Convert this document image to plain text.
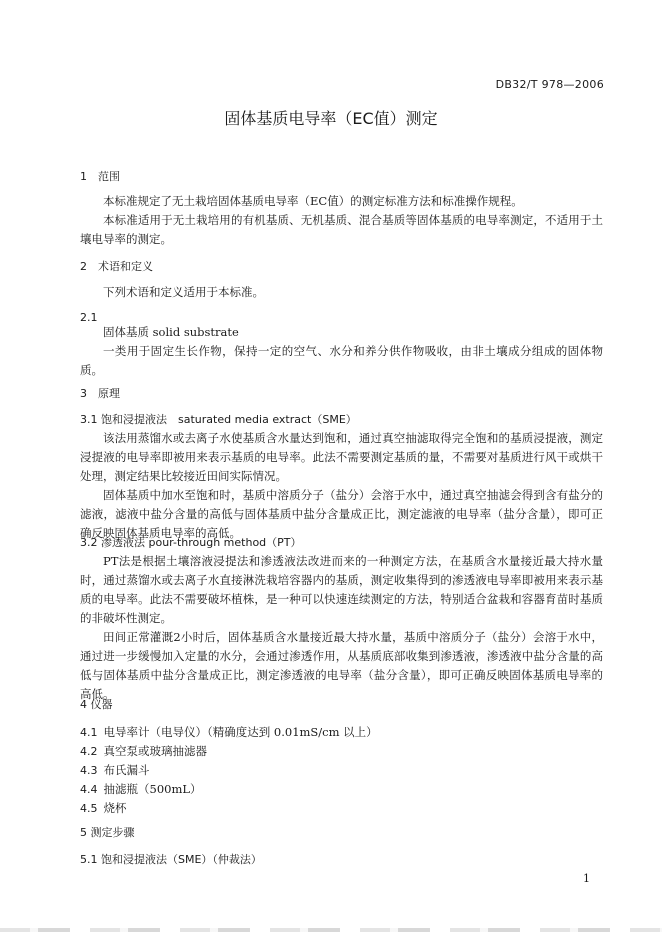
DB32/T 978—2006
固体基质电导率（EC值）测定
1　范围
本标准规定了无土栽培固体基质电导率（EC值）的测定标准方法和标准操作规程。
本标准适用于无土栽培用的有机基质、无机基质、混合基质等固体基质的电导率测定，不适用于土壤电导率的测定。
2　术语和定义
下列术语和定义适用于本标准。
2.1
固体基质 solid substrate
一类用于固定生长作物，保持一定的空气、水分和养分供作物吸收，由非土壤成分组成的固体物质。
3　原理
3.1 饱和浸提液法　saturated media extract（SME）
该法用蒸馏水或去离子水使基质含水量达到饱和，通过真空抽滤取得完全饱和的基质浸提液，测定浸提液的电导率即被用来表示基质的电导率。此法不需要测定基质的量，不需要对基质进行风干或烘干处理，测定结果比较接近田间实际情况。
固体基质中加水至饱和时，基质中溶质分子（盐分）会溶于水中，通过真空抽滤会得到含有盐分的滤液，滤液中盐分含量的高低与固体基质中盐分含量成正比，测定滤液的电导率（盐分含量），即可正确反映固体基质电导率的高低。
3.2 渗透液法 pour-through method（PT）
PT法是根据土壤溶液浸提法和渗透液法改进而来的一种测定方法，在基质含水量接近最大持水量时，通过蒸馏水或去离子水直接淋洗栽培容器内的基质，测定收集得到的渗透液电导率即被用来表示基质的电导率。此法不需要破坏植株，是一种可以快速连续测定的方法，特别适合盆栽和容器育苗时基质的非破坏性测定。
田间正常灌溉2小时后，固体基质含水量接近最大持水量，基质中溶质分子（盐分）会溶于水中，通过进一步缓慢加入定量的水分，会通过渗透作用，从基质底部收集到渗透液，渗透液中盐分含量的高低与固体基质中盐分含量成正比，测定渗透液的电导率（盐分含量），即可正确反映固体基质电导率的高低。
4 仪器
4.1 电导率计（电导仪）（精确度达到 0.01mS/cm 以上）
4.2 真空泵或玻璃抽滤器
4.3 布氏漏斗
4.4 抽滤瓶（500mL）
4.5 烧杯
5 测定步骤
5.1 饱和浸提液法（SME）（仲裁法）
1
